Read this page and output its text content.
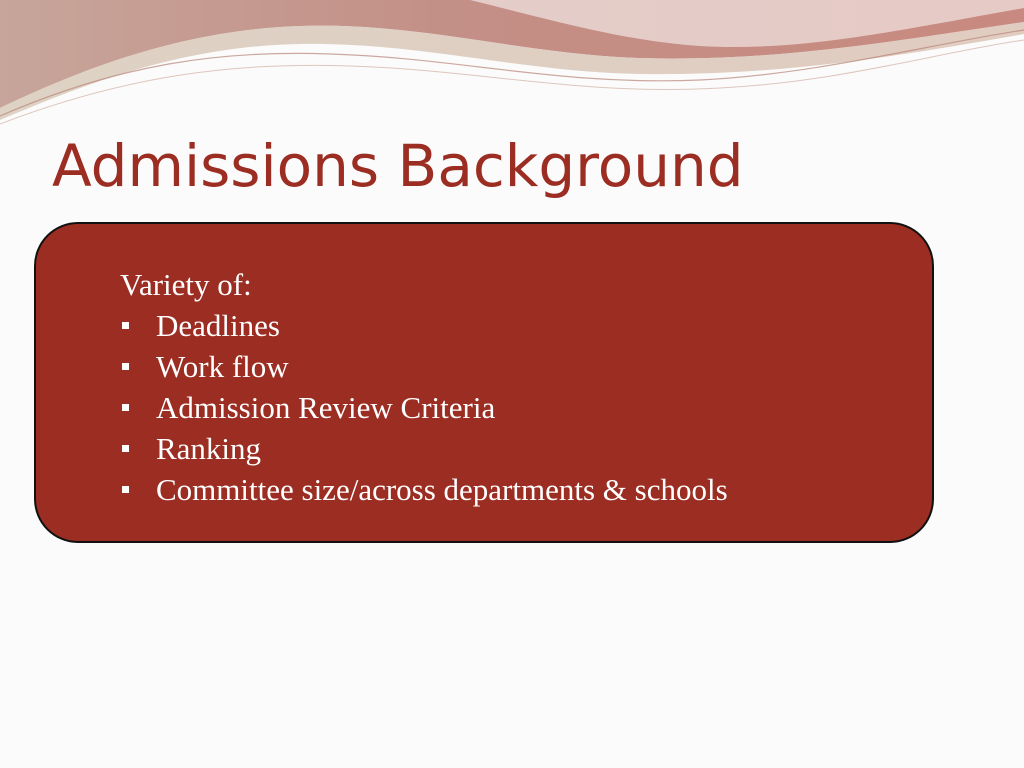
Admissions Background

Variety of:

Deadlines
Work flow
Admission Review Criteria
Ranking
Committee size/across departments & schools
